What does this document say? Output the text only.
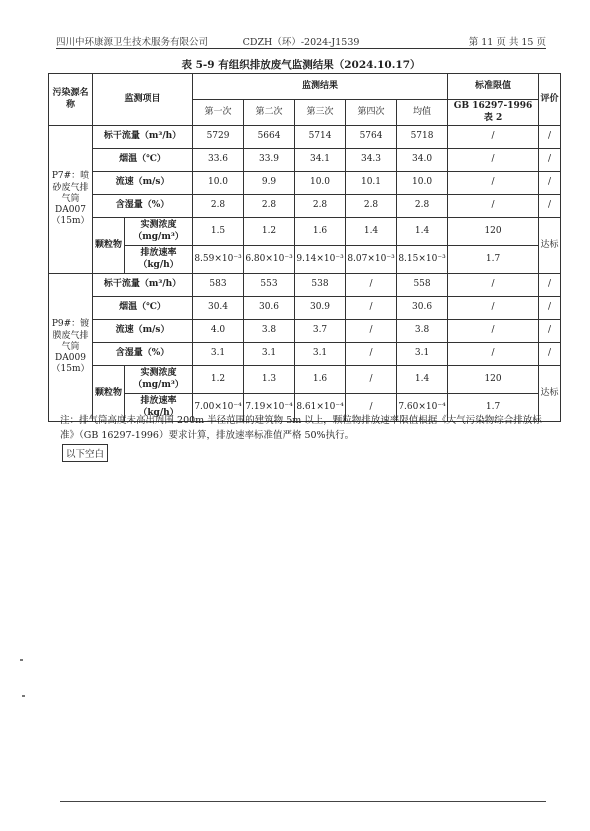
四川中环康源卫生技术服务有限公司	CDZH（环）-2024-J1539	第 11 页 共 15 页
表 5-9 有组织排放废气监测结果（2024.10.17）
污染源名称	监测项目		监测结果					标准限值	评价
			第一次	第二次	第三次	第四次	均值	GB 16297-1996
表 2	

P7#：喷砂废气排气筒DA007（15m）	标干流量（m³/h）		5729	5664	5714	5764	5718	/	/
	烟温（℃）		33.6	33.9	34.1	34.3	34.0	/	/
	流速（m/s）		10.0	9.9	10.0	10.1	10.0	/	/
	含湿量（%）		2.8	2.8	2.8	2.8	2.8	/	/
	颗粒物	实测浓度（mg/m³）	1.5	1.2	1.6	1.4	1.4	120	达标
		排放速率（kg/h）	8.59×10⁻³	6.80×10⁻³	9.14×10⁻³	8.07×10⁻³	8.15×10⁻³	1.7	
P9#：镀膜废气排气筒DA009（15m）	标干流量（m³/h）		583	553	538	/	558	/	/
	烟温（℃）		30.4	30.6	30.9	/	30.6	/	/
	流速（m/s）		4.0	3.8	3.7	/	3.8	/	/
	含湿量（%）		3.1	3.1	3.1	/	3.1	/	/
	颗粒物	实测浓度（mg/m³）	1.2	1.3	1.6	/	1.4	120	达标
		排放速率（kg/h）	7.00×10⁻⁴	7.19×10⁻⁴	8.61×10⁻⁴	/	7.60×10⁻⁴	1.7	
注：排气筒高度未高出周围 200m 半径范围的建筑物 5m 以上，颗粒物排放速率限值根据《大气污染物综合排放标准》（GB 16297-1996）要求计算，排放速率标准值严格 50%执行。
以下空白
